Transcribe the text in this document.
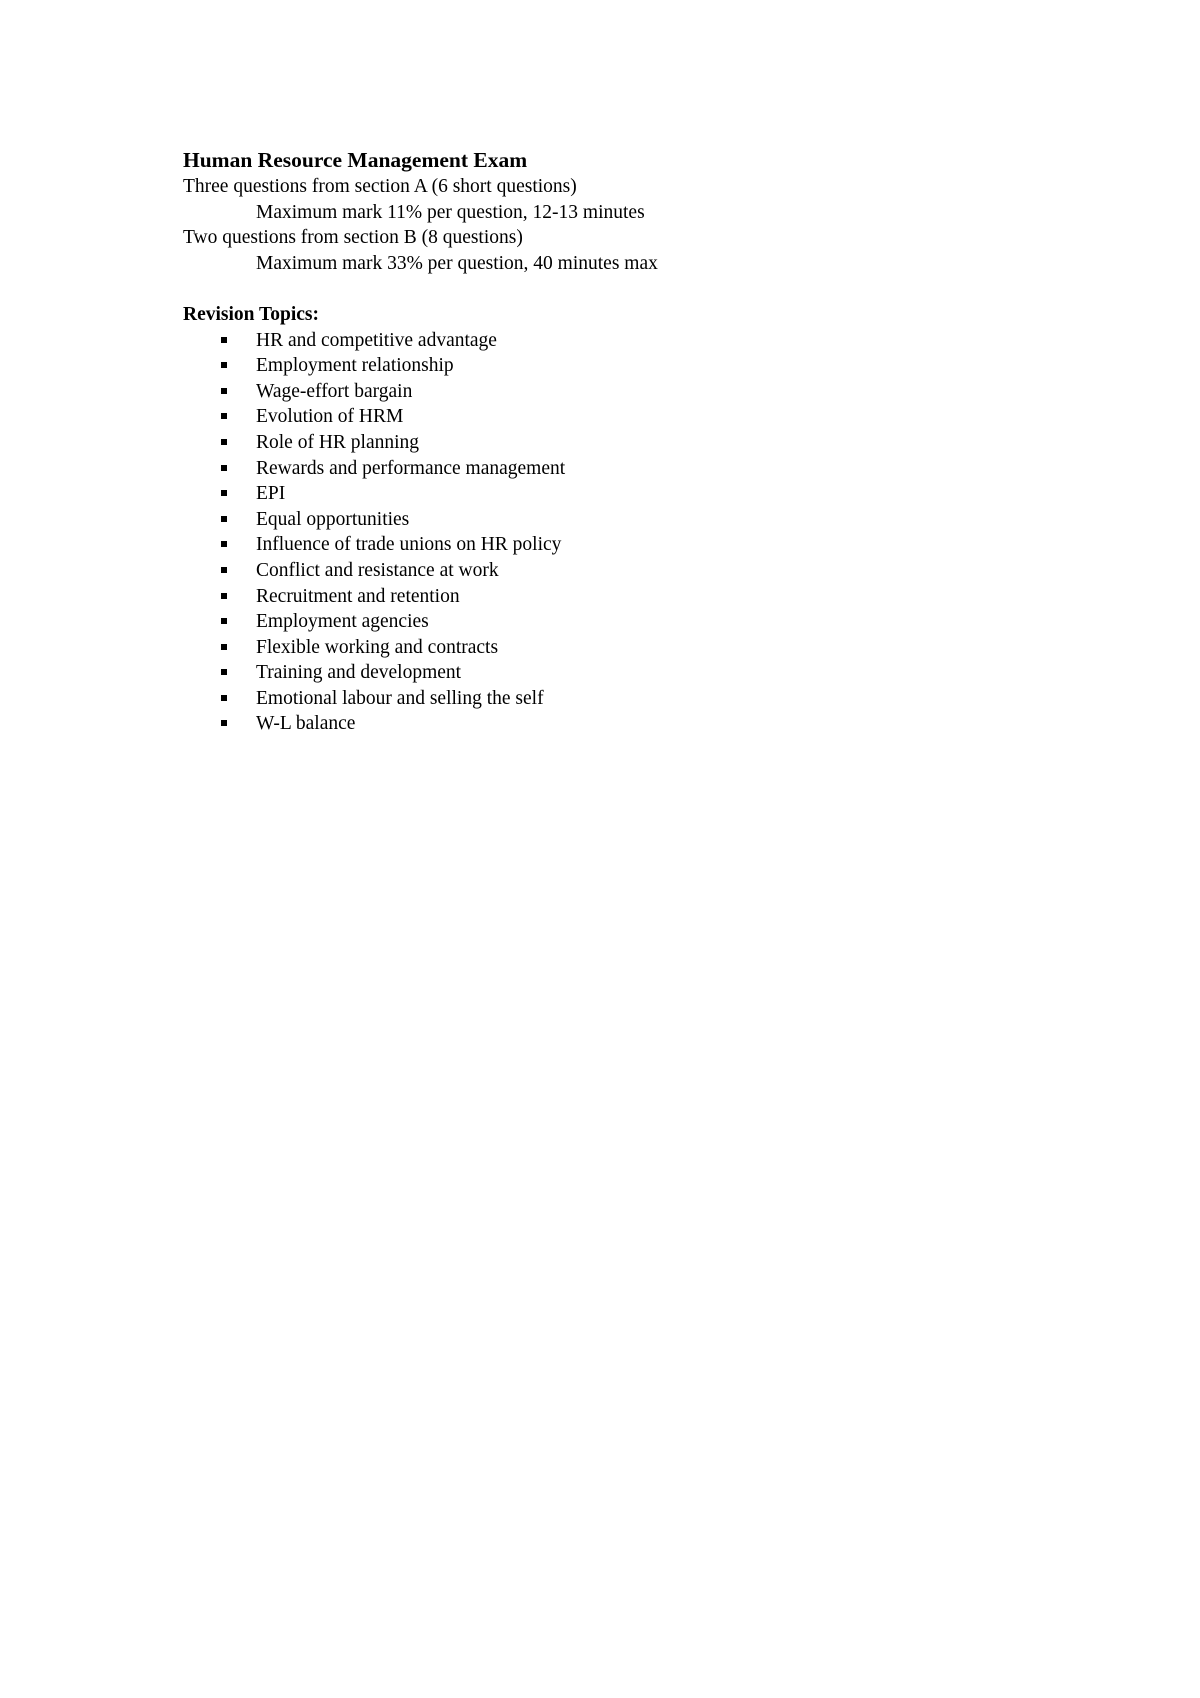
Human Resource Management Exam
Three questions from section A (6 short questions)
Maximum mark 11% per question, 12-13 minutes
Two questions from section B (8 questions)
Maximum mark 33% per question, 40 minutes max
Revision Topics:
HR and competitive advantage
Employment relationship
Wage-effort bargain
Evolution of HRM
Role of HR planning
Rewards and performance management
EPI
Equal opportunities
Influence of trade unions on HR policy
Conflict and resistance at work
Recruitment and retention
Employment agencies
Flexible working and contracts
Training and development
Emotional labour and selling the self
W-L balance
